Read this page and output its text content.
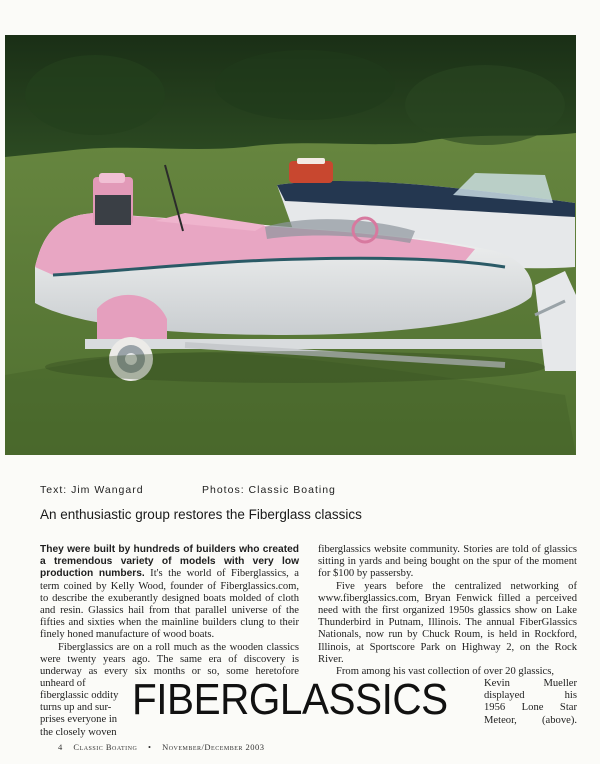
Text: Jim Wangard	Photos: Classic Boating
An enthusiastic group restores the Fiberglass classics

They were built by hundreds of builders who created a tremendous variety of models with very low production numbers. It's the world of Fiberglassics, a term coined by Kelly Wood, founder of Fiberglassics.com, to describe the exuberantly designed boats molded of cloth and resin. Glassics hail from that parallel universe of the fifties and sixties when the mainline builders clung to their finely honed manufacture of wood boats.

Fiberglassics are on a roll much as the wooden classics were twenty years ago. The same era of discovery is underway as every six months or so, some heretofore unheard of

fiberglassic oddity
turns up and sur-
prises everyone in
the closely woven

fiberglassics website community. Stories are told of glassics sitting in yards and being bought on the spur of the moment for $100 by passersby.

Five years before the centralized networking of www.fiberglassics.com, Bryan Fenwick filled a perceived need with the first organized 1950s glassics show on Lake Thunderbird in Putnam, Illinois. The annual FiberGlassics Nationals, now run by Chuck Roum, is held in Rockford, Illinois, at Sportscore Park on Highway 2, on the Rock River.

From among his vast collection of over 20 glassics,

Kevin Mueller
displayed his
1956 Lone Star
Meteor, (above).
FIBERGLASSICS
4 Classic Boating • November/December 2003
